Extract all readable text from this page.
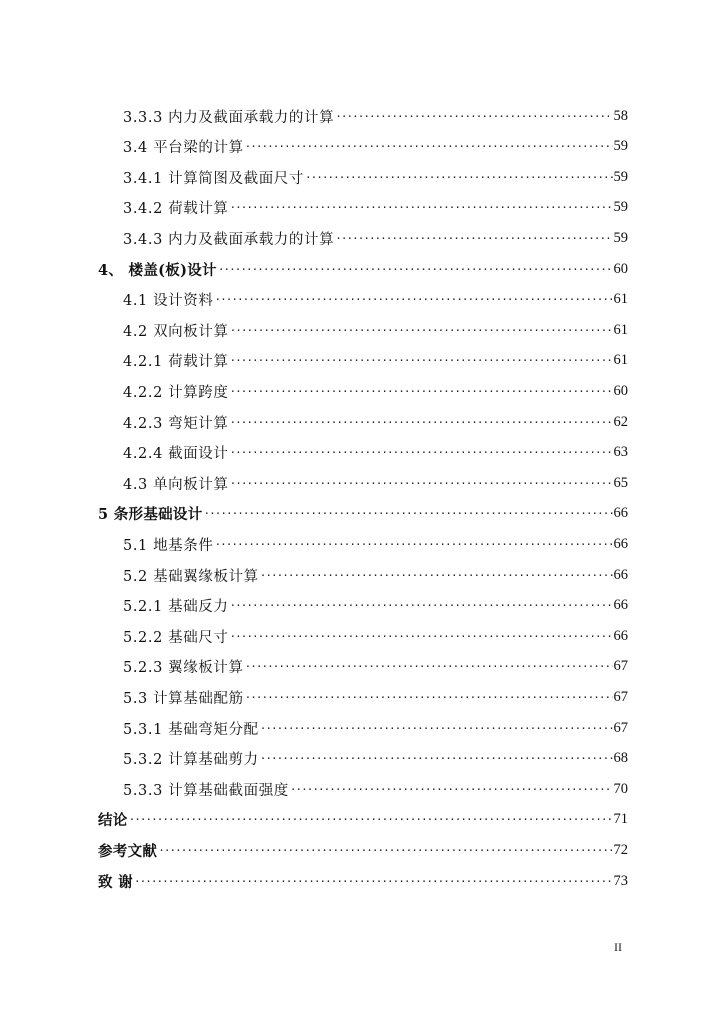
3.3.3 内力及截面承载力的计算 ·····	58
3.4 平台梁的计算 ·····	59
3.4.1 计算简图及截面尺寸 ·····	59
3.4.2 荷载计算 ·····	59
3.4.3 内力及截面承载力的计算 ·····	59
4、 楼盖(板)设计 ·····	60
4.1 设计资料 ·····	61
4.2 双向板计算 ·····	61
4.2.1 荷载计算 ·····	61
4.2.2 计算跨度 ·····	60
4.2.3 弯矩计算 ·····	62
4.2.4 截面设计 ·····	63
4.3 单向板计算 ·····	65
5 条形基础设计 ·····	66
5.1 地基条件 ·····	66
5.2 基础翼缘板计算 ·····	66
5.2.1 基础反力 ·····	66
5.2.2 基础尺寸 ·····	66
5.2.3 翼缘板计算 ·····	67
5.3 计算基础配筋 ·····	67
5.3.1 基础弯矩分配 ·····	67
5.3.2 计算基础剪力 ·····	68
5.3.3 计算基础截面强度 ·····	70
结论 ·····	71
参考文献 ·····	72
致 谢 ·····	73
II
